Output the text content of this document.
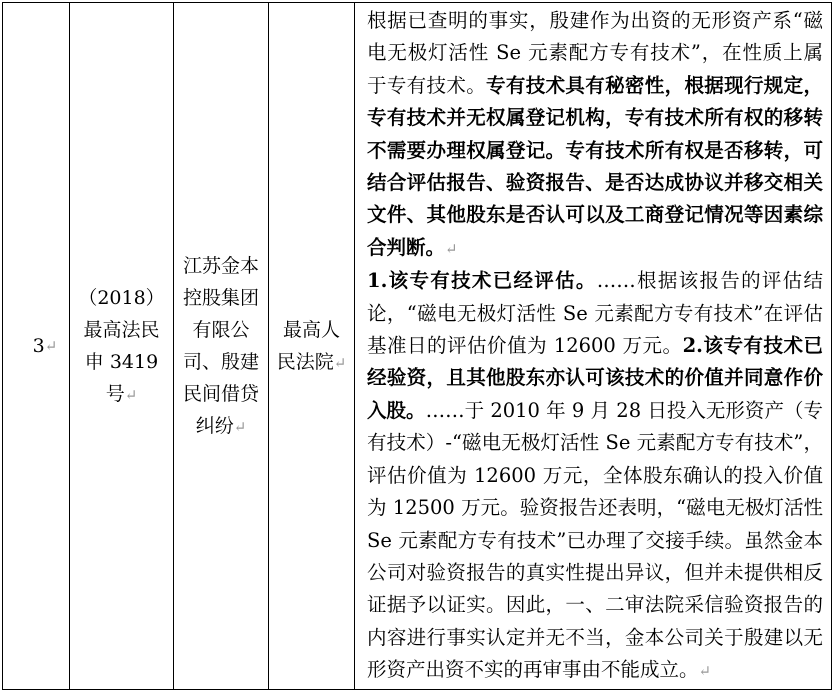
3 ↵
（2018）最高法民申 3419 号↵
江苏金本控股集团有限公司、殷建民间借贷纠纷↵
最高人民法院↵

根据已查明的事实，殷建作为出资的无形资产系“磁电无极灯活性 Se 元素配方专有技术”，在性质上属于专有技术。专有技术具有秘密性，根据现行规定，专有技术并无权属登记机构，专有技术所有权的移转不需要办理权属登记。专有技术所有权是否移转，可结合评估报告、验资报告、是否达成协议并移交相关文件、其他股东是否认可以及工商登记情况等因素综合判断。↵

1.该专有技术已经评估。……根据该报告的评估结论，“磁电无极灯活性 Se 元素配方专有技术”在评估基准日的评估价值为 12600 万元。2.该专有技术已经验资，且其他股东亦认可该技术的价值并同意作价入股。……于 2010 年 9 月 28 日投入无形资产（专有技术）-“磁电无极灯活性 Se 元素配方专有技术”，评估价值为 12600 万元，全体股东确认的投入价值为 12500 万元。验资报告还表明，“磁电无极灯活性 Se 元素配方专有技术”已办理了交接手续。虽然金本公司对验资报告的真实性提出异议，但并未提供相反证据予以证实。因此，一、二审法院采信验资报告的内容进行事实认定并无不当，金本公司关于殷建以无形资产出资不实的再审事由不能成立。↵
